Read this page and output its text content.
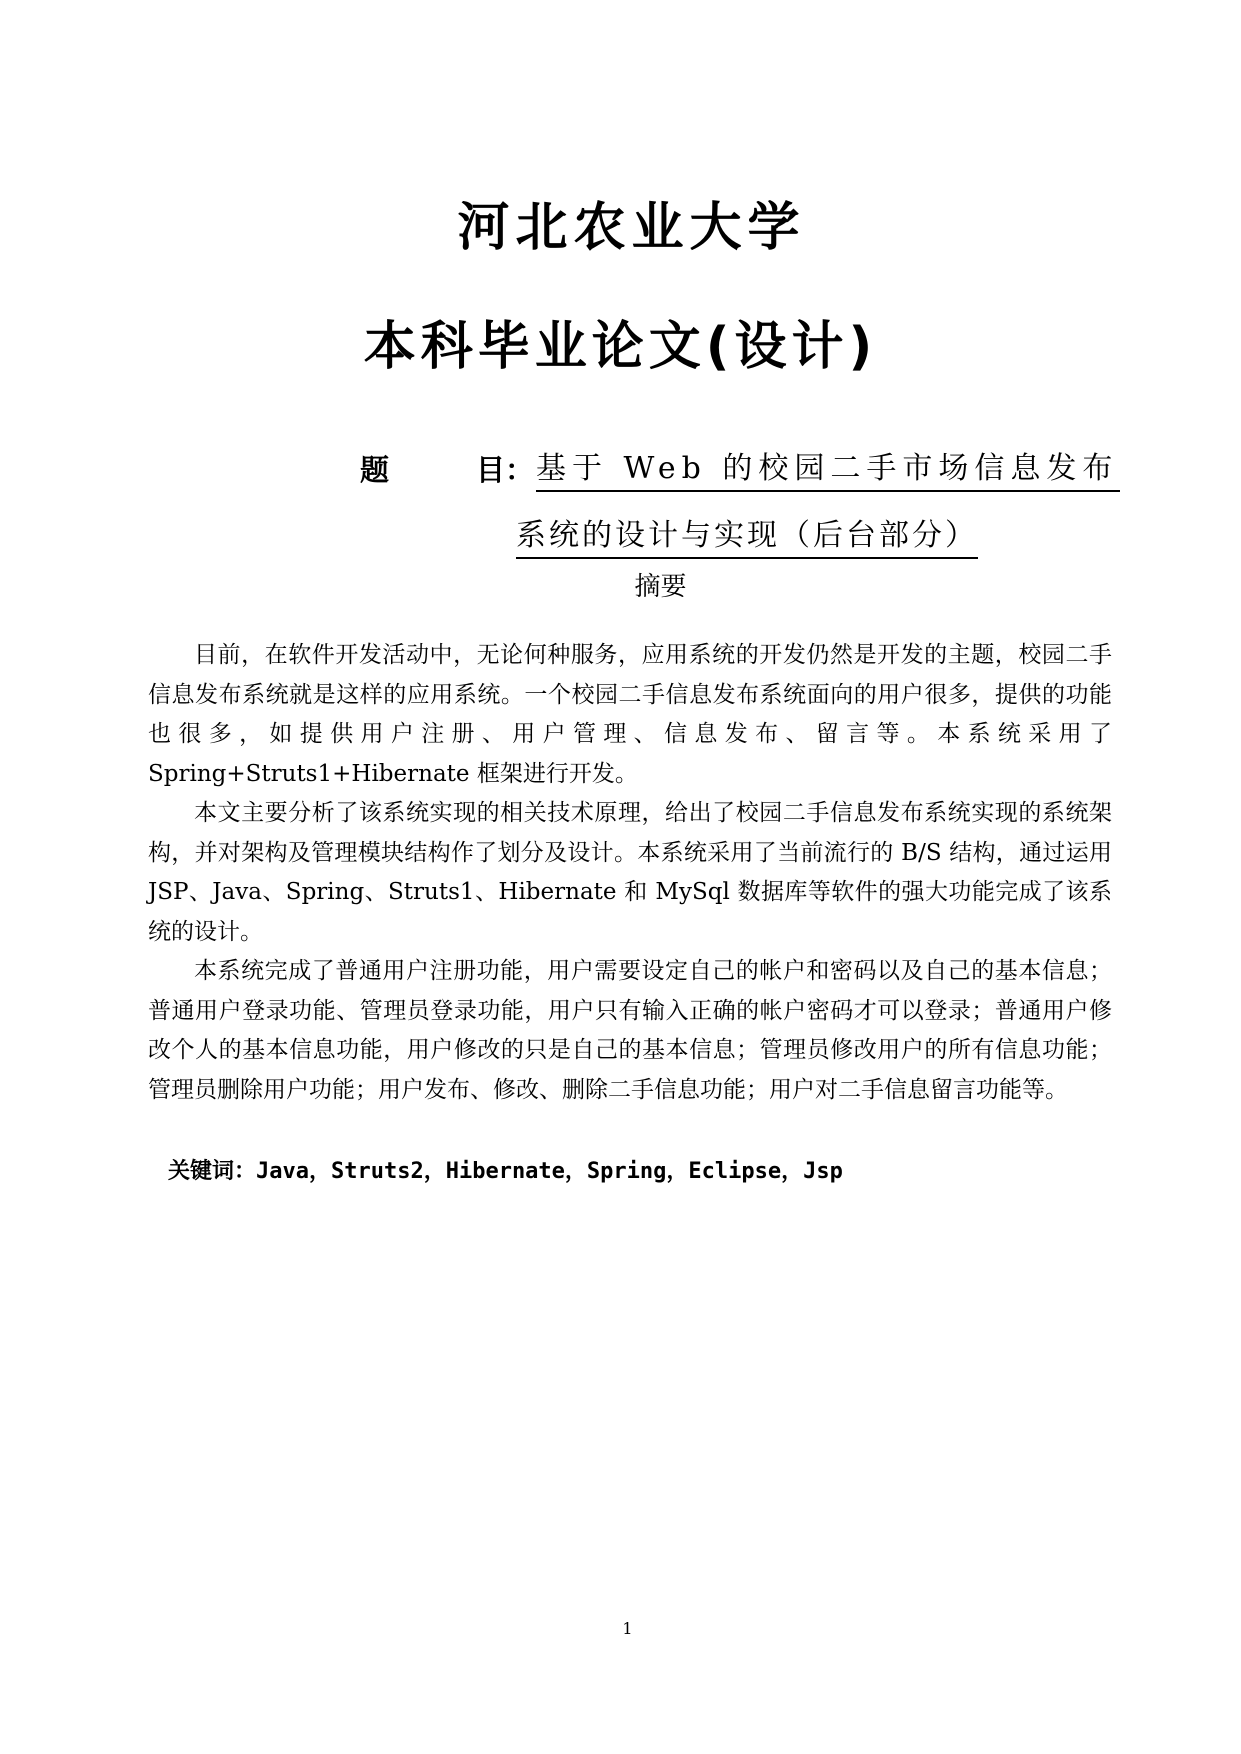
河北农业大学
本科毕业论文(设计)
题　　　目： 基于 Web 的校园二手市场信息发布
系统的设计与实现（后台部分）
摘要

目前，在软件开发活动中，无论何种服务，应用系统的开发仍然是开发的主题，校园二手信息发布系统就是这样的应用系统。一个校园二手信息发布系统面向的用户很多，提供的功能也很多，如提供用户注册、用户管理、信息发布、留言等。本系统采用了Spring+Struts1+Hibernate 框架进行开发。

本文主要分析了该系统实现的相关技术原理，给出了校园二手信息发布系统实现的系统架构，并对架构及管理模块结构作了划分及设计。本系统采用了当前流行的 B/S 结构，通过运用 JSP、Java、Spring、Struts1、Hibernate 和 MySql 数据库等软件的强大功能完成了该系统的设计。

本系统完成了普通用户注册功能，用户需要设定自己的帐户和密码以及自己的基本信息；普通用户登录功能、管理员登录功能，用户只有输入正确的帐户密码才可以登录；普通用户修改个人的基本信息功能，用户修改的只是自己的基本信息；管理员修改用户的所有信息功能；管理员删除用户功能；用户发布、修改、删除二手信息功能；用户对二手信息留言功能等。

关键词：Java，Struts2，Hibernate，Spring，Eclipse，Jsp
1
